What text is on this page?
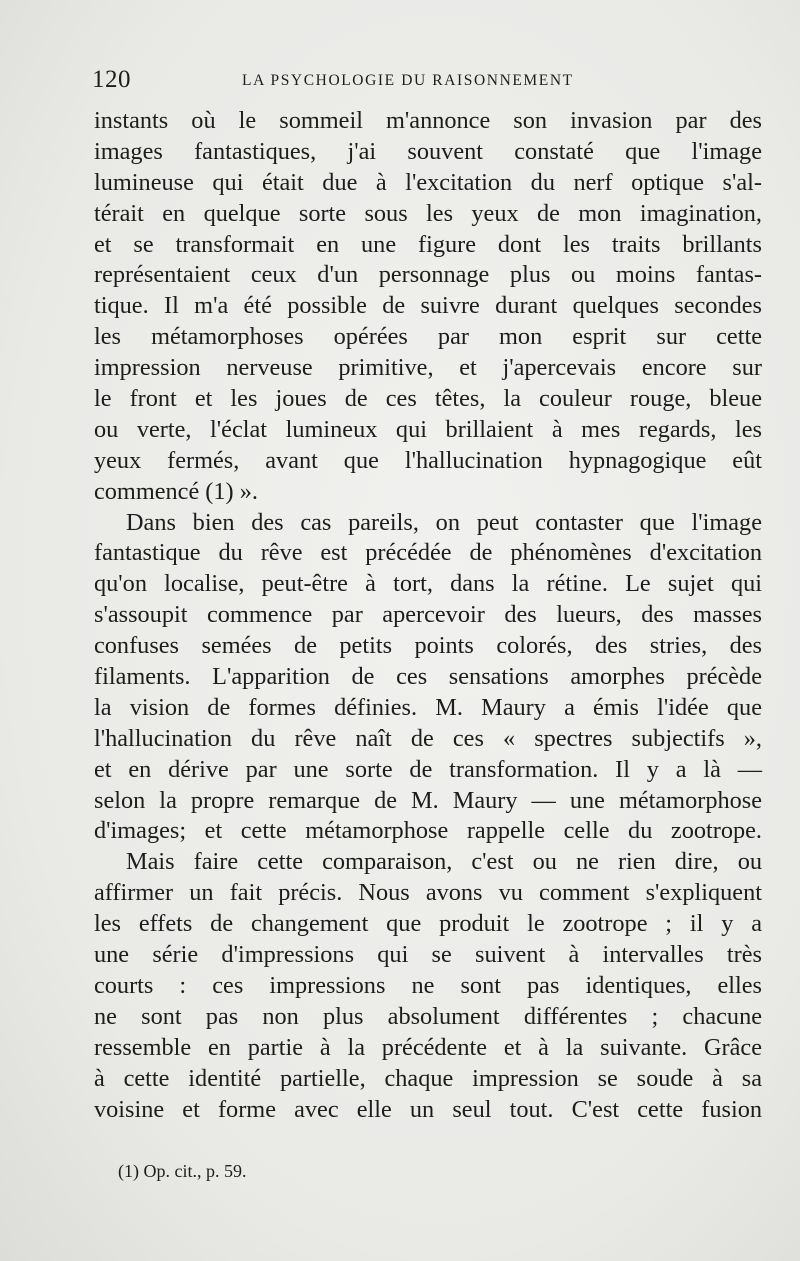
120	LA PSYCHOLOGIE DU RAISONNEMENT
instants où le sommeil m'annonce son invasion par des
images fantastiques, j'ai souvent constaté que l'image
lumineuse qui était due à l'excitation du nerf optique s'al-
térait en quelque sorte sous les yeux de mon imagination,
et se transformait en une figure dont les traits brillants
représentaient ceux d'un personnage plus ou moins fantas-
tique. Il m'a été possible de suivre durant quelques secondes
les métamorphoses opérées par mon esprit sur cette
impression nerveuse primitive, et j'apercevais encore sur
le front et les joues de ces têtes, la couleur rouge, bleue
ou verte, l'éclat lumineux qui brillaient à mes regards, les
yeux fermés, avant que l'hallucination hypnagogique eût
commencé (1) ».
Dans bien des cas pareils, on peut contaster que l'image
fantastique du rêve est précédée de phénomènes d'excitation
qu'on localise, peut-être à tort, dans la rétine. Le sujet qui
s'assoupit commence par apercevoir des lueurs, des masses
confuses semées de petits points colorés, des stries, des
filaments. L'apparition de ces sensations amorphes précède
la vision de formes définies. M. Maury a émis l'idée que
l'hallucination du rêve naît de ces « spectres subjectifs »,
et en dérive par une sorte de transformation. Il y a là —
selon la propre remarque de M. Maury — une métamorphose
d'images; et cette métamorphose rappelle celle du zootrope.
Mais faire cette comparaison, c'est ou ne rien dire, ou
affirmer un fait précis. Nous avons vu comment s'expliquent
les effets de changement que produit le zootrope ; il y a
une série d'impressions qui se suivent à intervalles très
courts : ces impressions ne sont pas identiques, elles
ne sont pas non plus absolument différentes ; chacune
ressemble en partie à la précédente et à la suivante. Grâce
à cette identité partielle, chaque impression se soude à sa
voisine et forme avec elle un seul tout. C'est cette fusion
(1) Op. cit., p. 59.
